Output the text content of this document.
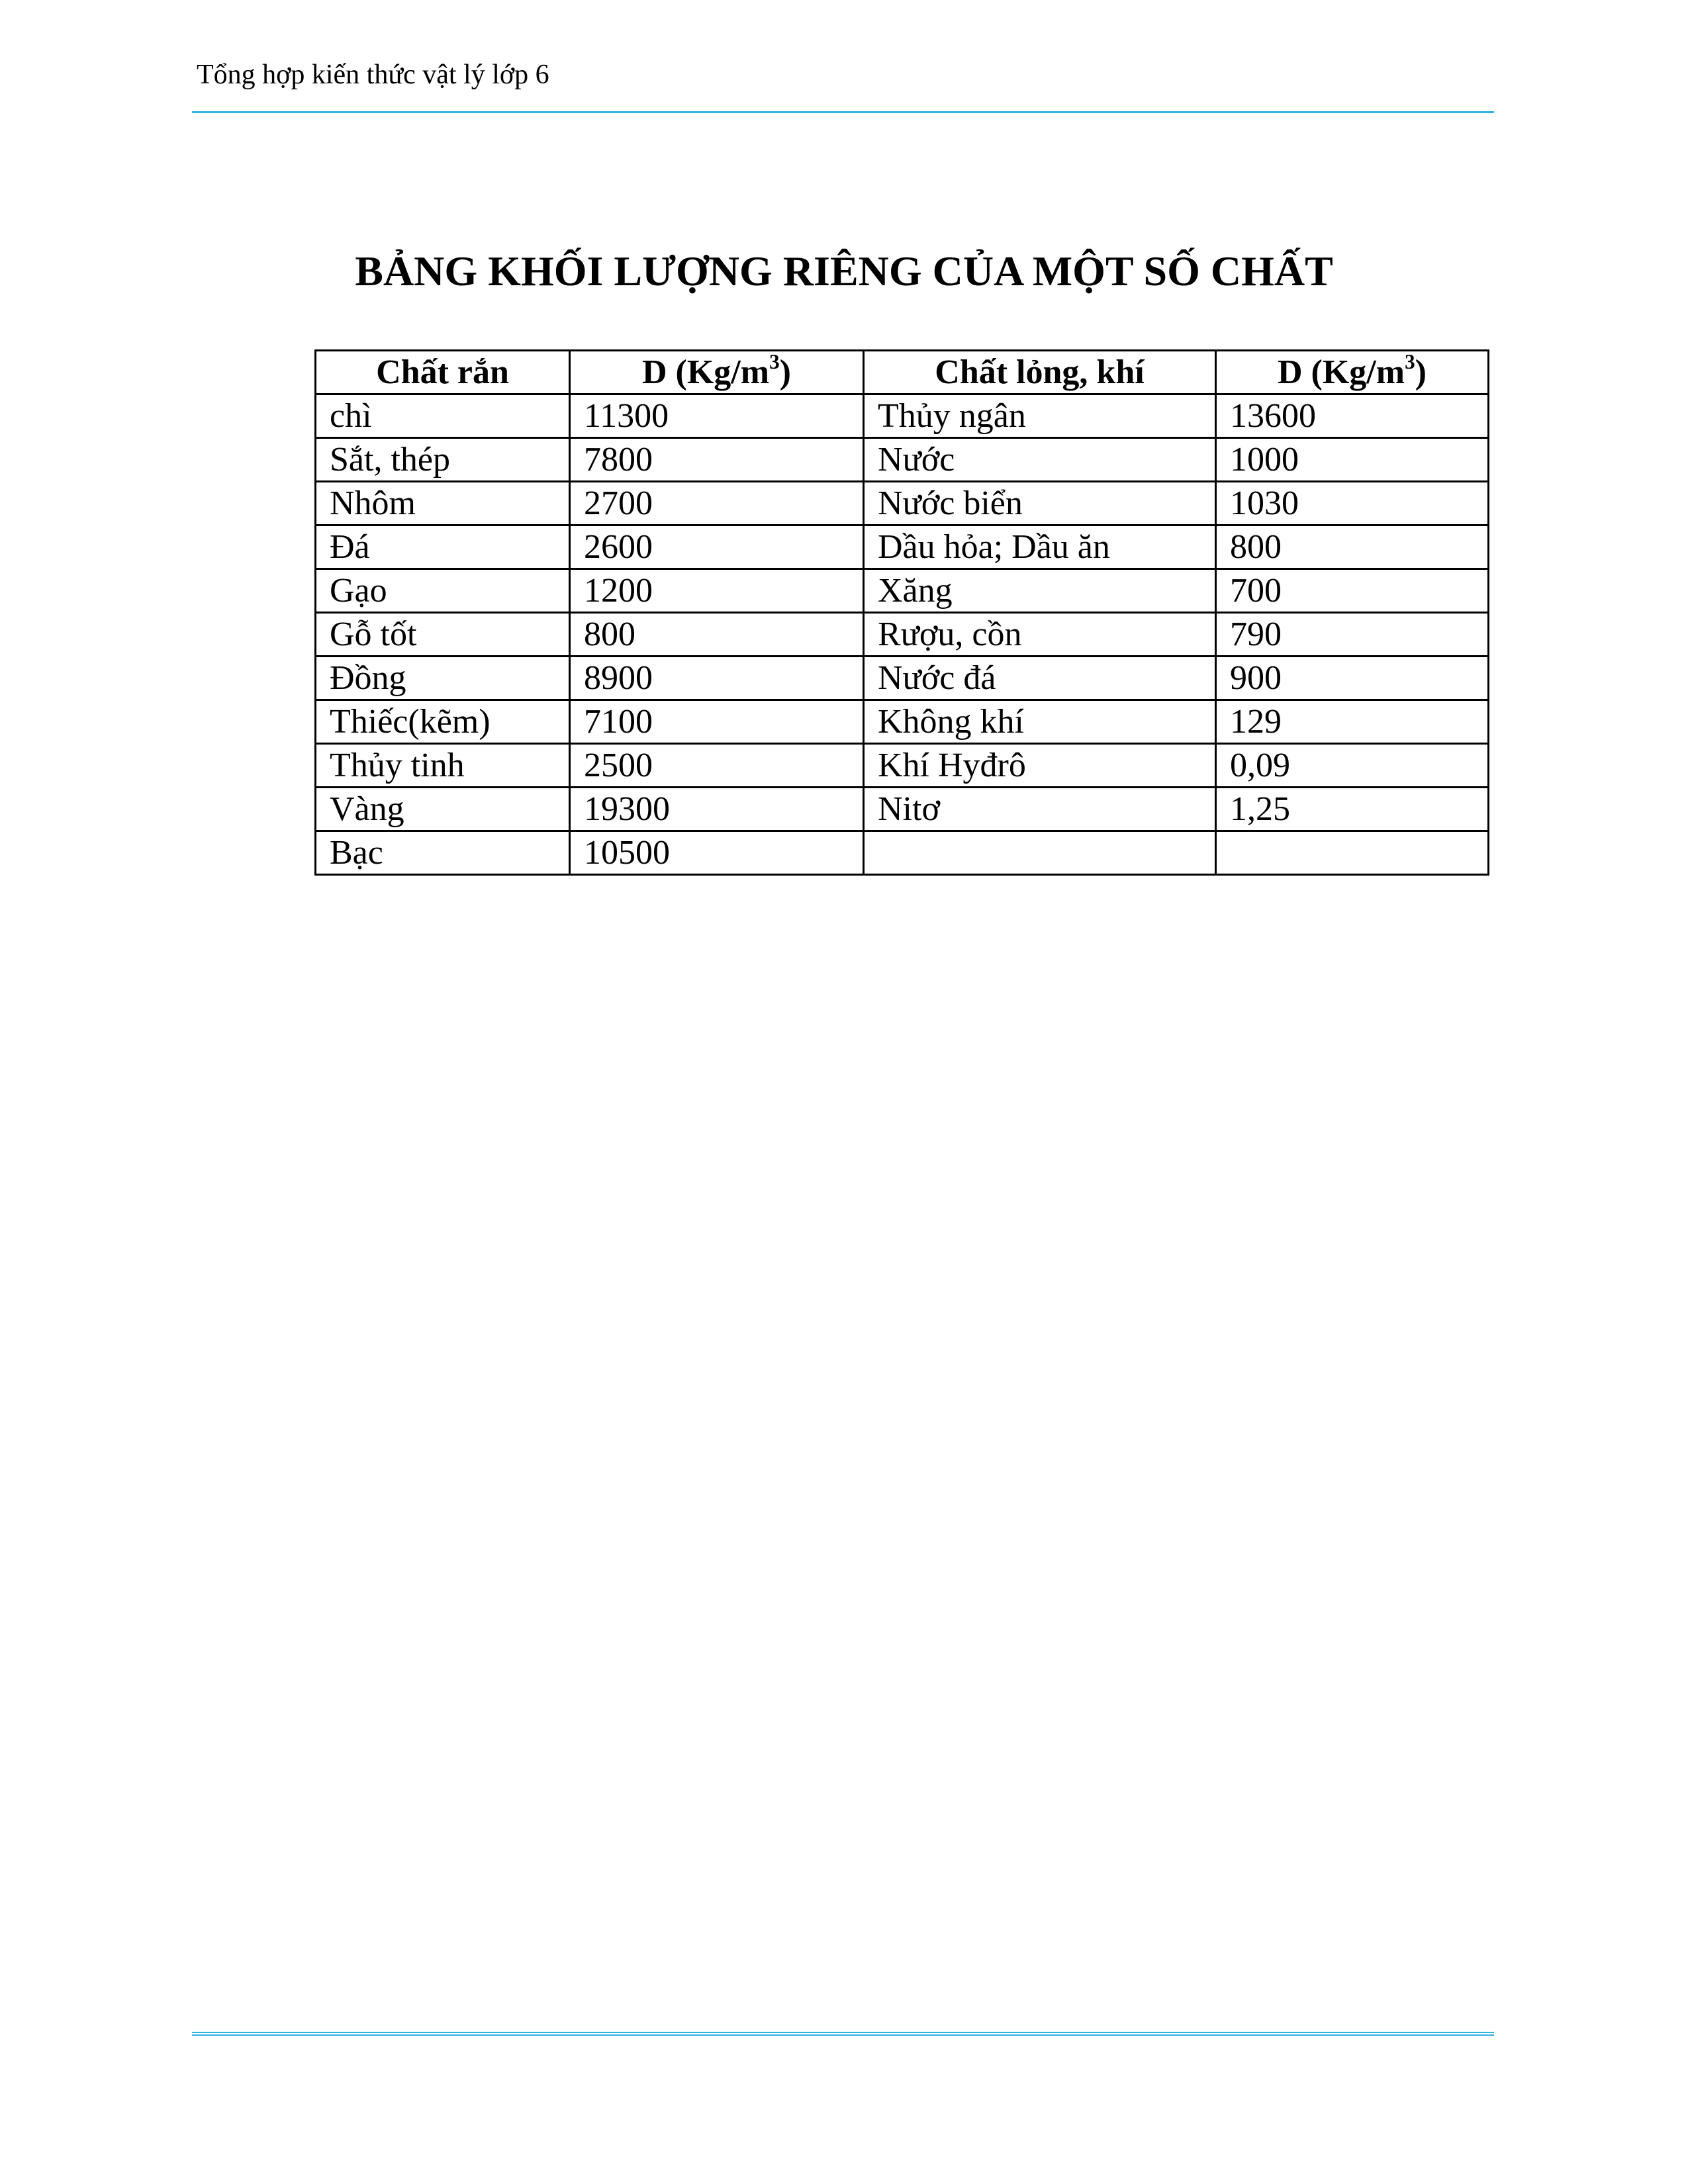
Tổng hợp kiến thức vật lý lớp 6
BẢNG KHỐI LƯỢNG RIÊNG CỦA MỘT SỐ CHẤT
Chất rắn	D $(Kg/m^3)$	Chất lỏng, khí	D $(Kg/m^3)$
chì	11300	Thủy ngân	13600
Sắt, thép	7800	Nước	1000
Nhôm	2700	Nước biển	1030
Đá	2600	Dầu hỏa; Dầu ăn	800
Gạo	1200	Xăng	700
Gỗ tốt	800	Rượu, cồn	790
Đồng	8900	Nước đá	900
Thiếc(kẽm)	7100	Không khí	129
Thủy tinh	2500	Khí Hyđrô	0,09
Vàng	19300	Nitơ	1,25
Bạc	10500		
